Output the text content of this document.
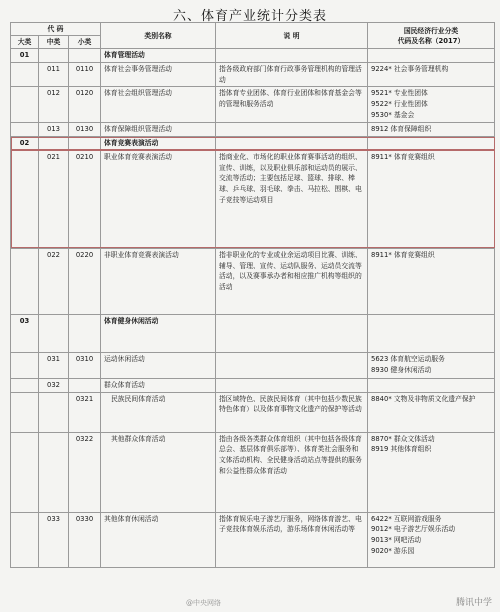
六、体育产业统计分类表
代 码			类别名称	说 明	国民经济行业分类
代码及名称（2017）

大类	中类	小类			
01			体育管理活动		
	011	0110	体育社会事务管理活动	指各级政府部门体育行政事务管理机构的管理活动	9224* 社会事务管理机构
	012	0120	体育社会组织管理活动	指体育专业团体、体育行业团体和体育基金会等的管理和服务活动	9521* 专业性团体
9522* 行业性团体
9530* 基金会
	013	0130	体育保障组织管理活动		8912 体育保障组织
02			体育竞赛表演活动		
	021	0210	职业体育竞赛表演活动	指商业化、市场化的职业体育赛事活动的组织、宣传、训练，以及职业俱乐部和运动员的展示、交流等活动；主要包括足球、篮球、排球、棒球、乒乓球、羽毛球、拳击、马拉松、围棋、电子竞技等运动项目	8911* 体育竞赛组织
	022	0220	非职业体育竞赛表演活动	指非职业化的专业或业余运动项目比赛、训练、辅导、管理、宣传、运动队服务、运动员交流等活动，以及赛事承办者和相应推广机构等组织的活动	8911* 体育竞赛组织
03			体育健身休闲活动		
	031	0310	运动休闲活动		5623 体育航空运动服务
8930 健身休闲活动
	032		群众体育活动		
		0321	民族民间体育活动	指区域特色、民族民间体育（其中包括少数民族特色体育）以及体育事物文化遗产的保护等活动	8840* 文物及非物质文化遗产保护
		0322	其他群众体育活动	指由各级各类群众体育组织（其中包括各级体育总会、基层体育俱乐部等）、体育类社会服务和文体活动机构、全民健身活动站点等提供的服务和公益性群众体育活动	8870* 群众文体活动
8919 其他体育组织
	033	0330	其他体育休闲活动	指体育娱乐电子游艺厅服务，网络体育游艺、电子竞技体育娱乐活动，游乐场体育休闲活动等	6422* 互联网游戏服务
9012* 电子游艺厅娱乐活动
9013* 网吧活动
9020* 游乐园
@中央网络	腾讯中学
